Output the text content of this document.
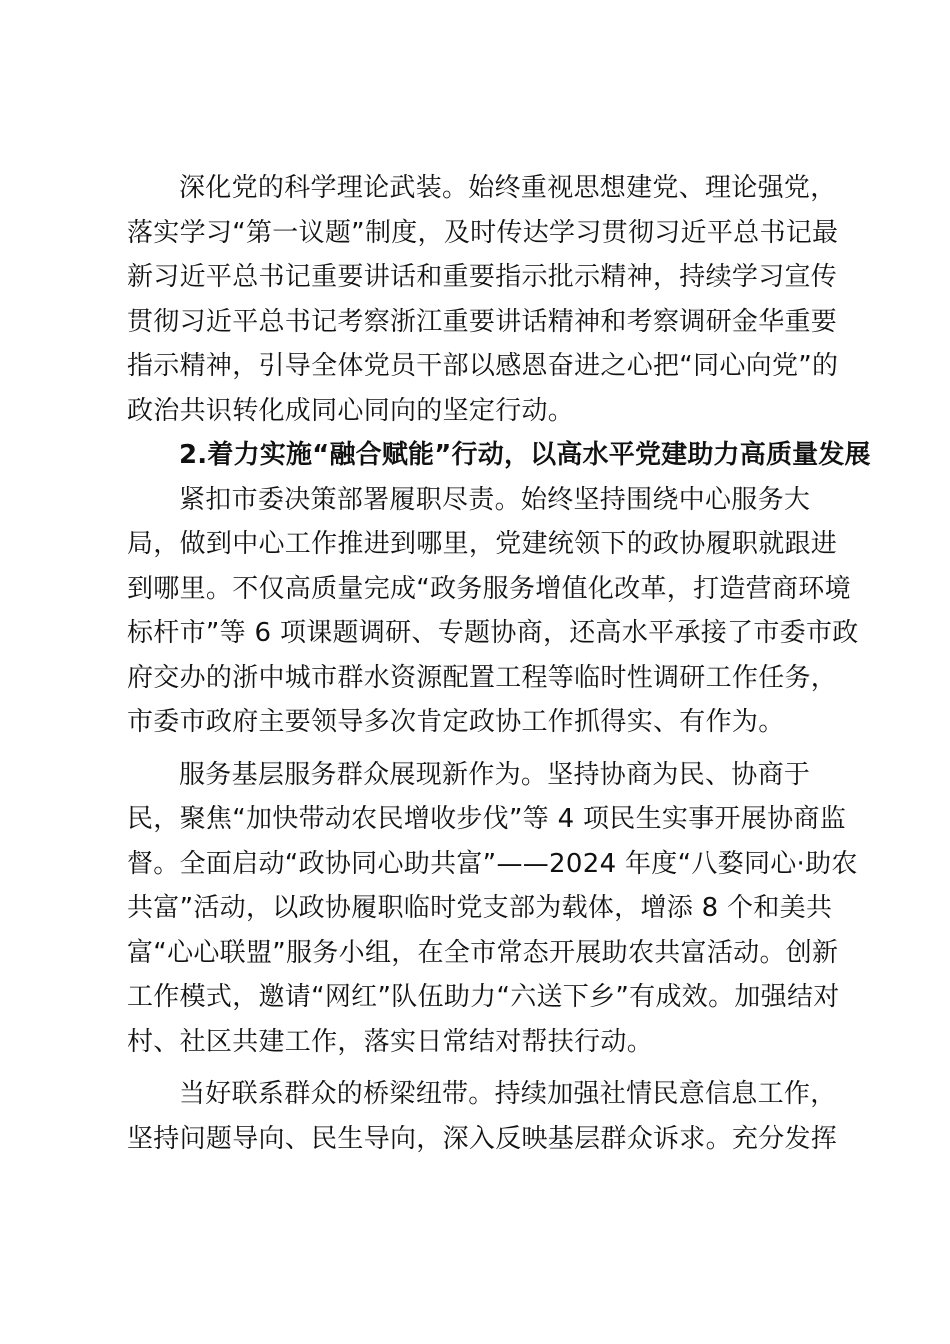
深化党的科学理论武装。始终重视思想建党、理论强党，
落实学习“第一议题”制度，及时传达学习贯彻习近平总书记最
新习近平总书记重要讲话和重要指示批示精神，持续学习宣传
贯彻习近平总书记考察浙江重要讲话精神和考察调研金华重要
指示精神，引导全体党员干部以感恩奋进之心把“同心向党”的
政治共识转化成同心同向的坚定行动。
2.着力实施“融合赋能”行动，以高水平党建助力高质量发展
紧扣市委决策部署履职尽责。始终坚持围绕中心服务大
局，做到中心工作推进到哪里，党建统领下的政协履职就跟进
到哪里。不仅高质量完成“政务服务增值化改革，打造营商环境
标杆市”等 6 项课题调研、专题协商，还高水平承接了市委市政
府交办的浙中城市群水资源配置工程等临时性调研工作任务，
市委市政府主要领导多次肯定政协工作抓得实、有作为。
服务基层服务群众展现新作为。坚持协商为民、协商于
民，聚焦“加快带动农民增收步伐”等 4 项民生实事开展协商监
督。全面启动“政协同心助共富”——2024 年度“八婺同心·助农
共富”活动，以政协履职临时党支部为载体，增添 8 个和美共
富“心心联盟”服务小组，在全市常态开展助农共富活动。创新
工作模式，邀请“网红”队伍助力“六送下乡”有成效。加强结对
村、社区共建工作，落实日常结对帮扶行动。
当好联系群众的桥梁纽带。持续加强社情民意信息工作，
坚持问题导向、民生导向，深入反映基层群众诉求。充分发挥
